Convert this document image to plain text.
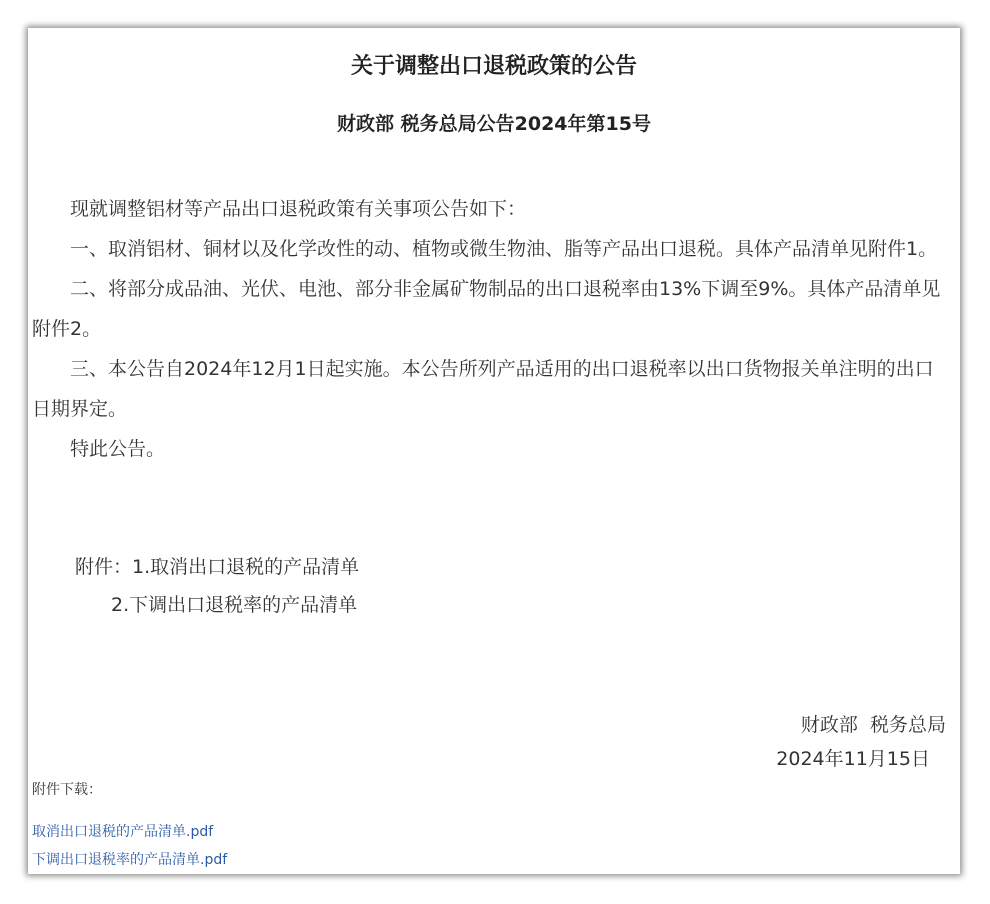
关于调整出口退税政策的公告
财政部 税务总局公告2024年第15号

现就调整铝材等产品出口退税政策有关事项公告如下：

一、取消铝材、铜材以及化学改性的动、植物或微生物油、脂等产品出口退税。具体产品清单见附件1。

二、将部分成品油、光伏、电池、部分非金属矿物制品的出口退税率由13%下调至9%。具体产品清单见附件2。

三、本公告自2024年12月1日起实施。本公告所列产品适用的出口退税率以出口货物报关单注明的出口日期界定。

特此公告。

附件：1.取消出口退税的产品清单
2.下调出口退税率的产品清单
财政部  税务总局
2024年11月15日
附件下载：
取消出口退税的产品清单.pdf
下调出口退税率的产品清单.pdf
